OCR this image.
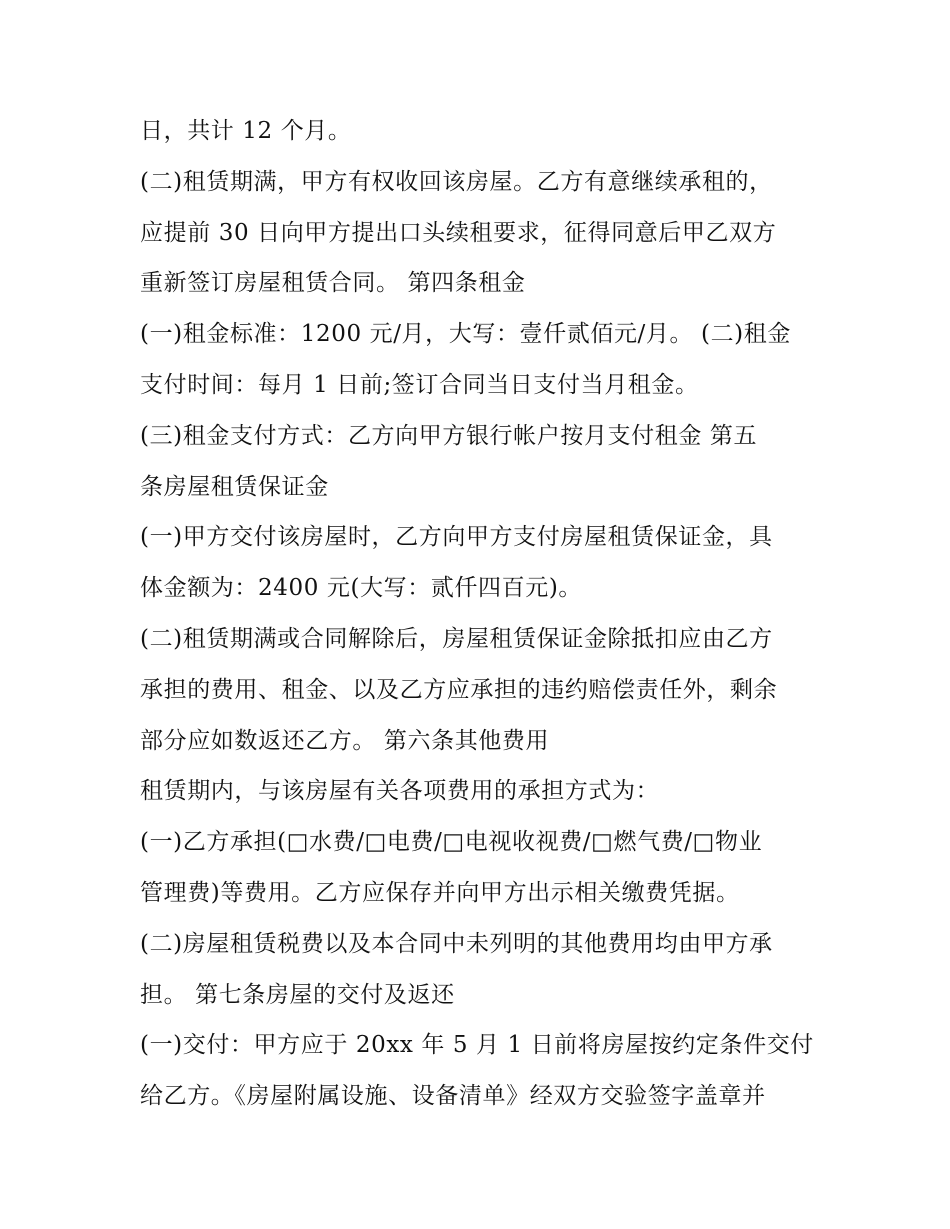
日，共计 12 个月。
(二)租赁期满，甲方有权收回该房屋。乙方有意继续承租的，
应提前 30 日向甲方提出口头续租要求，征得同意后甲乙双方
重新签订房屋租赁合同。 第四条租金
(一)租金标准：1200 元/月，大写：壹仟贰佰元/月。 (二)租金
支付时间：每月 1 日前;签订合同当日支付当月租金。
(三)租金支付方式：乙方向甲方银行帐户按月支付租金 第五
条房屋租赁保证金
(一)甲方交付该房屋时，乙方向甲方支付房屋租赁保证金，具
体金额为：2400 元(大写：贰仟四百元)。
(二)租赁期满或合同解除后，房屋租赁保证金除抵扣应由乙方
承担的费用、租金、以及乙方应承担的违约赔偿责任外，剩余
部分应如数返还乙方。 第六条其他费用
租赁期内，与该房屋有关各项费用的承担方式为：
(一)乙方承担(□水费/□电费/□电视收视费/□燃气费/□物业
管理费)等费用。乙方应保存并向甲方出示相关缴费凭据。
(二)房屋租赁税费以及本合同中未列明的其他费用均由甲方承
担。 第七条房屋的交付及返还
(一)交付：甲方应于 20xx 年 5 月 1 日前将房屋按约定条件交付
给乙方。《房屋附属设施、设备清单》经双方交验签字盖章并
